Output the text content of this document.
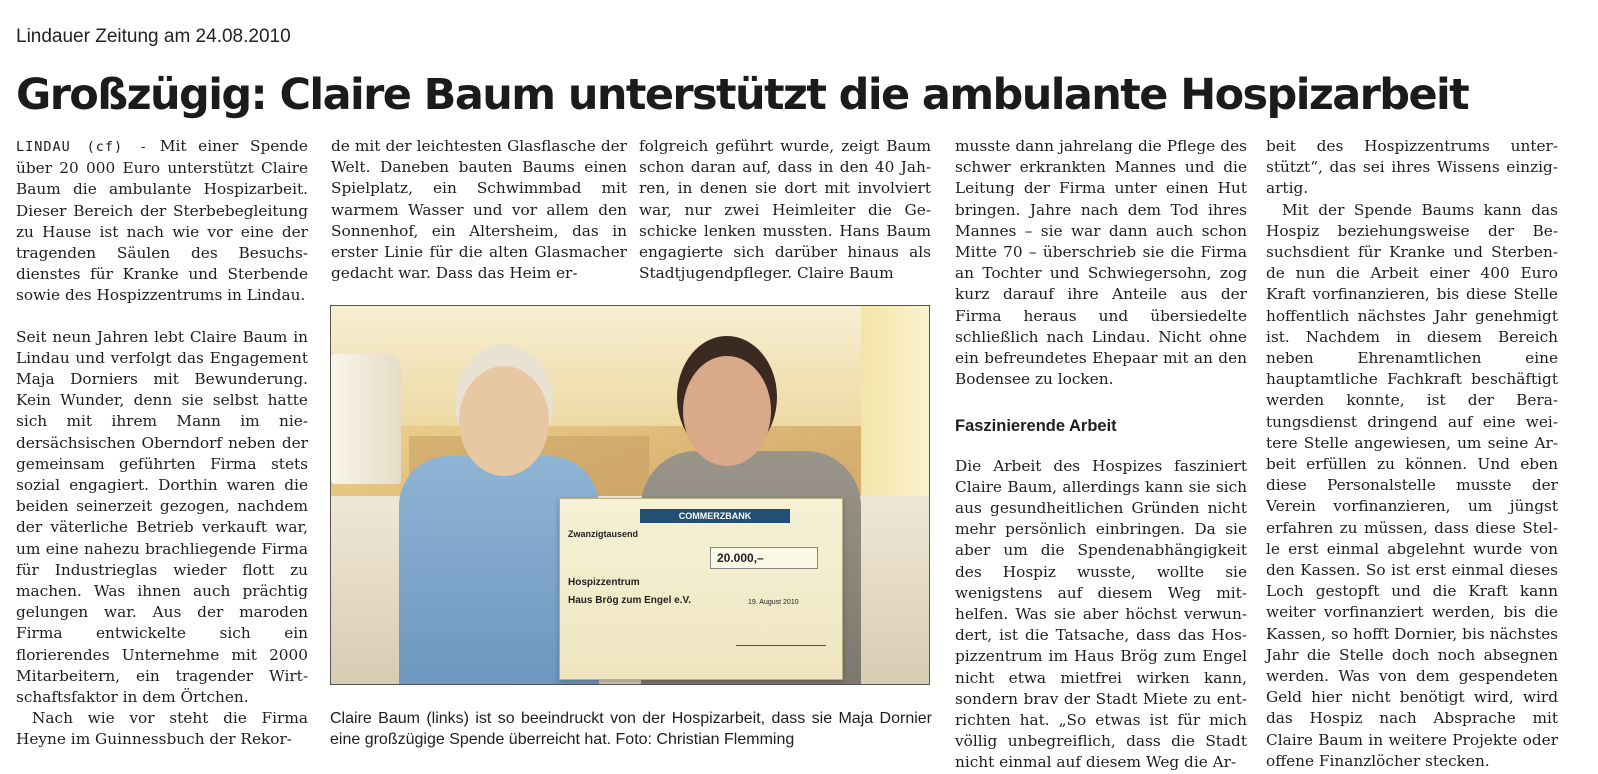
Lindauer Zeitung am 24.08.2010
Großzügig: Claire Baum unterstützt die ambulante Hospizarbeit

LINDAU (cf) - Mit einer Spende über 20 000 Euro unterstützt Claire Baum die ambulante Hospizarbeit. Dieser Bereich der Sterbebegleitung zu Hause ist nach wie vor eine der tragenden Säulen des Besuchsdienstes für Kranke und Sterbende sowie des Hospizzentrums in Lindau.

Seit neun Jahren lebt Claire Baum in Lindau und verfolgt das Engagement Maja Dorniers mit Bewunderung. Kein Wunder, denn sie selbst hatte sich mit ihrem Mann im niedersächsischen Oberndorf neben der gemeinsam geführten Firma stets sozial engagiert. Dorthin waren die beiden seinerzeit gezogen, nachdem der väterliche Betrieb verkauft war, um eine nahezu brachliegende Firma für Industrieglas wieder flott zu machen. Was ihnen auch prächtig gelungen war. Aus der maroden Firma entwickelte sich ein florierendes Unternehme mit 2000 Mitarbeitern, ein tragender Wirtschaftsfaktor in dem Örtchen.

Nach wie vor steht die Firma Heyne im Guinnessbuch der Rekor-

de mit der leichtesten Glasflasche der Welt. Daneben bauten Baums einen Spielplatz, ein Schwimmbad mit warmem Wasser und vor allem den Sonnenhof, ein Altersheim, das in erster Linie für die alten Glasmacher gedacht war. Dass das Heim er-

folgreich geführt wurde, zeigt Baum schon daran auf, dass in den 40 Jahren, in denen sie dort mit involviert war, nur zwei Heimleiter die Geschicke lenken mussten. Hans Baum engagierte sich darüber hinaus als Stadtjugendpfleger. Claire Baum

musste dann jahrelang die Pflege des schwer erkrankten Mannes und die Leitung der Firma unter einen Hut bringen. Jahre nach dem Tod ihres Mannes – sie war dann auch schon Mitte 70 – überschrieb sie die Firma an Tochter und Schwiegersohn, zog kurz darauf ihre Anteile aus der Firma heraus und übersiedelte schließlich nach Lindau. Nicht ohne ein befreundetes Ehepaar mit an den Bodensee zu locken.

Faszinierende Arbeit

Die Arbeit des Hospizes fasziniert Claire Baum, allerdings kann sie sich aus gesundheitlichen Gründen nicht mehr persönlich einbringen. Da sie aber um die Spendenabhängigkeit des Hospiz wusste, wollte sie wenigstens auf diesem Weg mithelfen. Was sie aber höchst verwundert, ist die Tatsache, dass das Hospizzentrum im Haus Brög zum Engel nicht etwa mietfrei wirken kann, sondern brav der Stadt Miete zu entrichten hat. „So etwas ist für mich völlig unbegreiflich, dass die Stadt nicht einmal auf diesem Weg die Ar-

beit des Hospizzentrums unterstützt“, das sei ihres Wissens einzigartig.

Mit der Spende Baums kann das Hospiz beziehungsweise der Besuchsdient für Kranke und Sterbende nun die Arbeit einer 400 Euro Kraft vorfinanzieren, bis diese Stelle hoffentlich nächstes Jahr genehmigt ist. Nachdem in diesem Bereich neben Ehrenamtlichen eine hauptamtliche Fachkraft beschäftigt werden konnte, ist der Beratungsdienst dringend auf eine weitere Stelle angewiesen, um seine Arbeit erfüllen zu können. Und eben diese Personalstelle musste der Verein vorfinanzieren, um jüngst erfahren zu müssen, dass diese Stelle erst einmal abgelehnt wurde von den Kassen. So ist erst einmal dieses Loch gestopft und die Kraft kann weiter vorfinanziert werden, bis die Kassen, so hofft Dornier, bis nächstes Jahr die Stelle doch noch absegnen werden. Was von dem gespendeten Geld hier nicht benötigt wird, wird das Hospiz nach Absprache mit Claire Baum in weitere Projekte oder offene Finanzlöcher stecken.

COMMERZBANK
Zwanzigtausend
20.000,–
Hospizzentrum
Haus Brög zum Engel e.V.	19. August 2010

Claire Baum (links) ist so beeindruckt von der Hospizarbeit, dass sie Maja Dornier eine großzügige Spende überreicht hat. Foto: Christian Flemming
